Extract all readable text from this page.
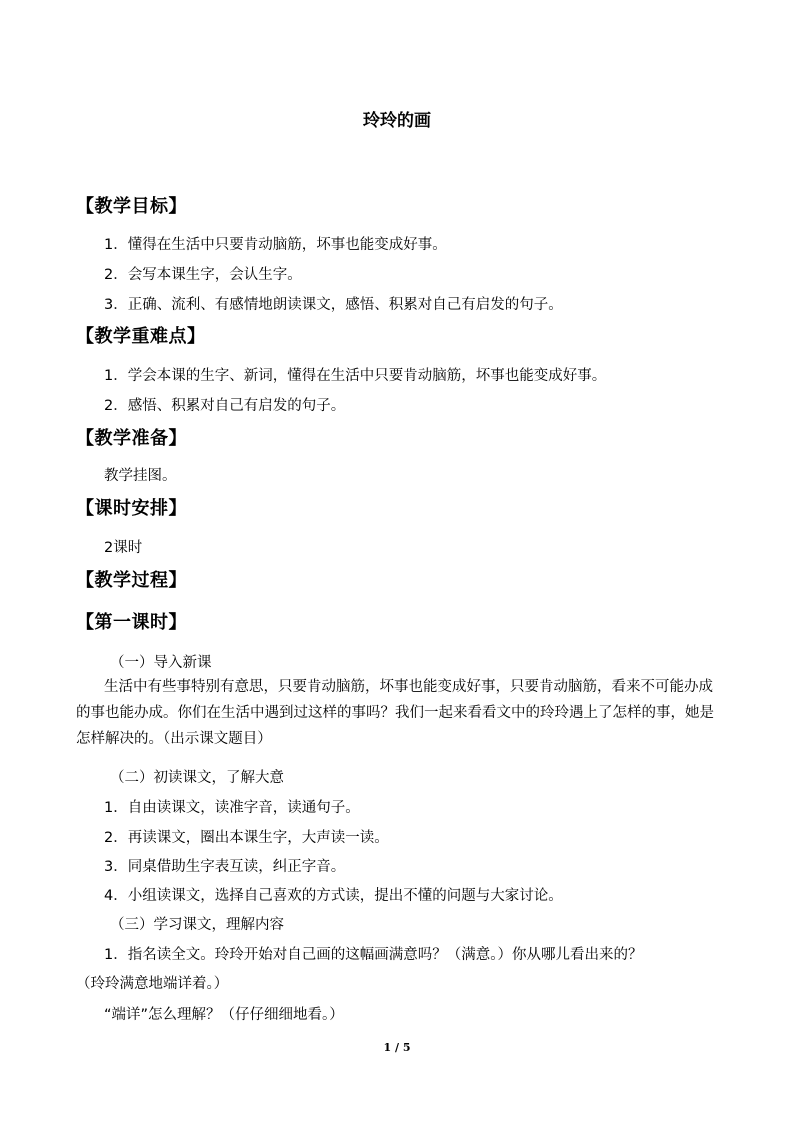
玲玲的画
【教学目标】
1．懂得在生活中只要肯动脑筋，坏事也能变成好事。
2．会写本课生字，会认生字。
3．正确、流利、有感情地朗读课文，感悟、积累对自己有启发的句子。
【教学重难点】
1．学会本课的生字、新词，懂得在生活中只要肯动脑筋，坏事也能变成好事。
2．感悟、积累对自己有启发的句子。
【教学准备】
教学挂图。
【课时安排】
2课时
【教学过程】
【第一课时】
（一）导入新课
生活中有些事特别有意思，只要肯动脑筋，坏事也能变成好事，只要肯动脑筋，看来不可能办成的事也能办成。你们在生活中遇到过这样的事吗？我们一起来看看文中的玲玲遇上了怎样的事，她是怎样解决的。（出示课文题目）
（二）初读课文，了解大意
1．自由读课文，读准字音，读通句子。
2．再读课文，圈出本课生字，大声读一读。
3．同桌借助生字表互读，纠正字音。
4．小组读课文，选择自己喜欢的方式读，提出不懂的问题与大家讨论。
（三）学习课文，理解内容
1．指名读全文。玲玲开始对自己画的这幅画满意吗？（满意。）你从哪儿看出来的？
（玲玲满意地端详着。）
“端详”怎么理解？（仔仔细细地看。）
1 / 5
